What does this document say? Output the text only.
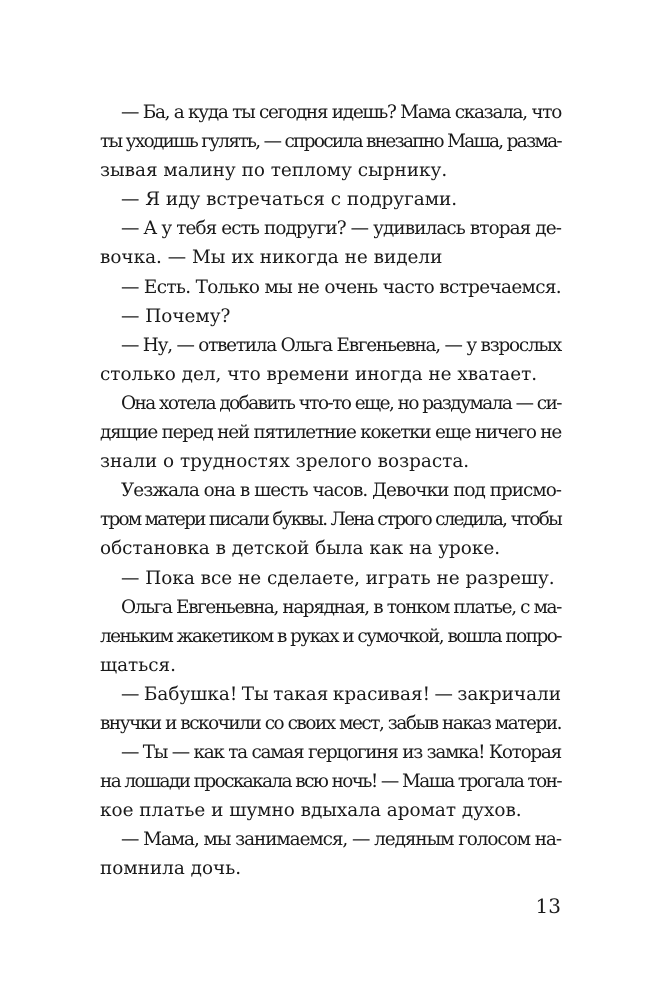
— Ба, а куда ты сегодня идешь? Мама сказала, что
ты уходишь гулять, — спросила внезапно Маша, разма-
зывая малину по теплому сырнику.
— Я иду встречаться с подругами.
— А у тебя есть подруги? — удивилась вторая де-
вочка. — Мы их никогда не видели
— Есть. Только мы не очень часто встречаемся.
— Почему?
— Ну, — ответила Ольга Евгеньевна, — у взрослых
столько дел, что времени иногда не хватает.
Она хотела добавить что-то еще, но раздумала — си-
дящие перед ней пятилетние кокетки еще ничего не
знали о трудностях зрелого возраста.
Уезжала она в шесть часов. Девочки под присмо-
тром матери писали буквы. Лена строго следила, чтобы
обстановка в детской была как на уроке.
— Пока все не сделаете, играть не разрешу.
Ольга Евгеньевна, нарядная, в тонком платье, с ма-
леньким жакетиком в руках и сумочкой, вошла попро-
щаться.
— Бабушка! Ты такая красивая! — закричали
внучки и вскочили со своих мест, забыв наказ матери.
— Ты — как та самая герцогиня из замка! Которая
на лошади проскакала всю ночь! — Маша трогала тон-
кое платье и шумно вдыхала аромат духов.
— Мама, мы занимаемся, — ледяным голосом на-
помнила дочь.
13
